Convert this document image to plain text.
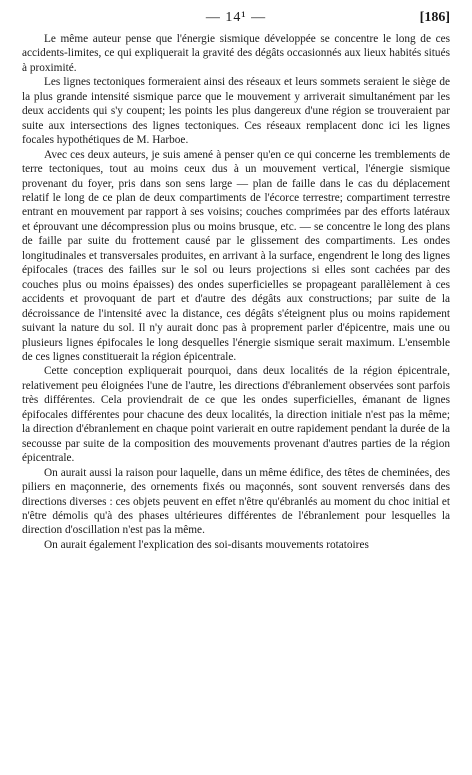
— 14¹ —	[186]

Le même auteur pense que l'énergie sismique développée se concentre le long de ces accidents-limites, ce qui expliquerait la gravité des dégâts occasionnés aux lieux habités situés à proximité.

Les lignes tectoniques formeraient ainsi des réseaux et leurs sommets seraient le siège de la plus grande intensité sismique parce que le mouvement y arriverait simultanément par les deux accidents qui s'y coupent; les points les plus dangereux d'une région se trouveraient par suite aux intersections des lignes tectoniques. Ces réseaux remplacent donc ici les lignes focales hypothétiques de M. Harboe.

Avec ces deux auteurs, je suis amené à penser qu'en ce qui concerne les tremblements de terre tectoniques, tout au moins ceux dus à un mouvement vertical, l'énergie sismique provenant du foyer, pris dans son sens large — plan de faille dans le cas du déplacement relatif le long de ce plan de deux compartiments de l'écorce terrestre; compartiment terrestre entrant en mouvement par rapport à ses voisins; couches comprimées par des efforts latéraux et éprouvant une décompression plus ou moins brusque, etc. — se concentre le long des plans de faille par suite du frottement causé par le glissement des compartiments. Les ondes longitudinales et transversales produites, en arrivant à la surface, engendrent le long des lignes épifocales (traces des failles sur le sol ou leurs projections si elles sont cachées par des couches plus ou moins épaisses) des ondes superficielles se propageant parallèlement à ces accidents et provoquant de part et d'autre des dégâts aux constructions; par suite de la décroissance de l'intensité avec la distance, ces dégâts s'éteignent plus ou moins rapidement suivant la nature du sol. Il n'y aurait donc pas à proprement parler d'épicentre, mais une ou plusieurs lignes épifocales le long desquelles l'énergie sismique serait maximum. L'ensemble de ces lignes constituerait la région épicentrale.

Cette conception expliquerait pourquoi, dans deux localités de la région épicentrale, relativement peu éloignées l'une de l'autre, les directions d'ébranlement observées sont parfois très différentes. Cela proviendrait de ce que les ondes superficielles, émanant de lignes épifocales différentes pour chacune des deux localités, la direction initiale n'est pas la même; la direction d'ébranlement en chaque point varierait en outre rapidement pendant la durée de la secousse par suite de la composition des mouvements provenant d'autres parties de la région épicentrale.

On aurait aussi la raison pour laquelle, dans un même édifice, des têtes de cheminées, des piliers en maçonnerie, des ornements fixés ou maçonnés, sont souvent renversés dans des directions diverses : ces objets peuvent en effet n'être qu'ébranlés au moment du choc initial et n'être démolis qu'à des phases ultérieures différentes de l'ébranlement pour lesquelles la direction d'oscillation n'est pas la même.

On aurait également l'explication des soi-disants mouvements rotatoires
